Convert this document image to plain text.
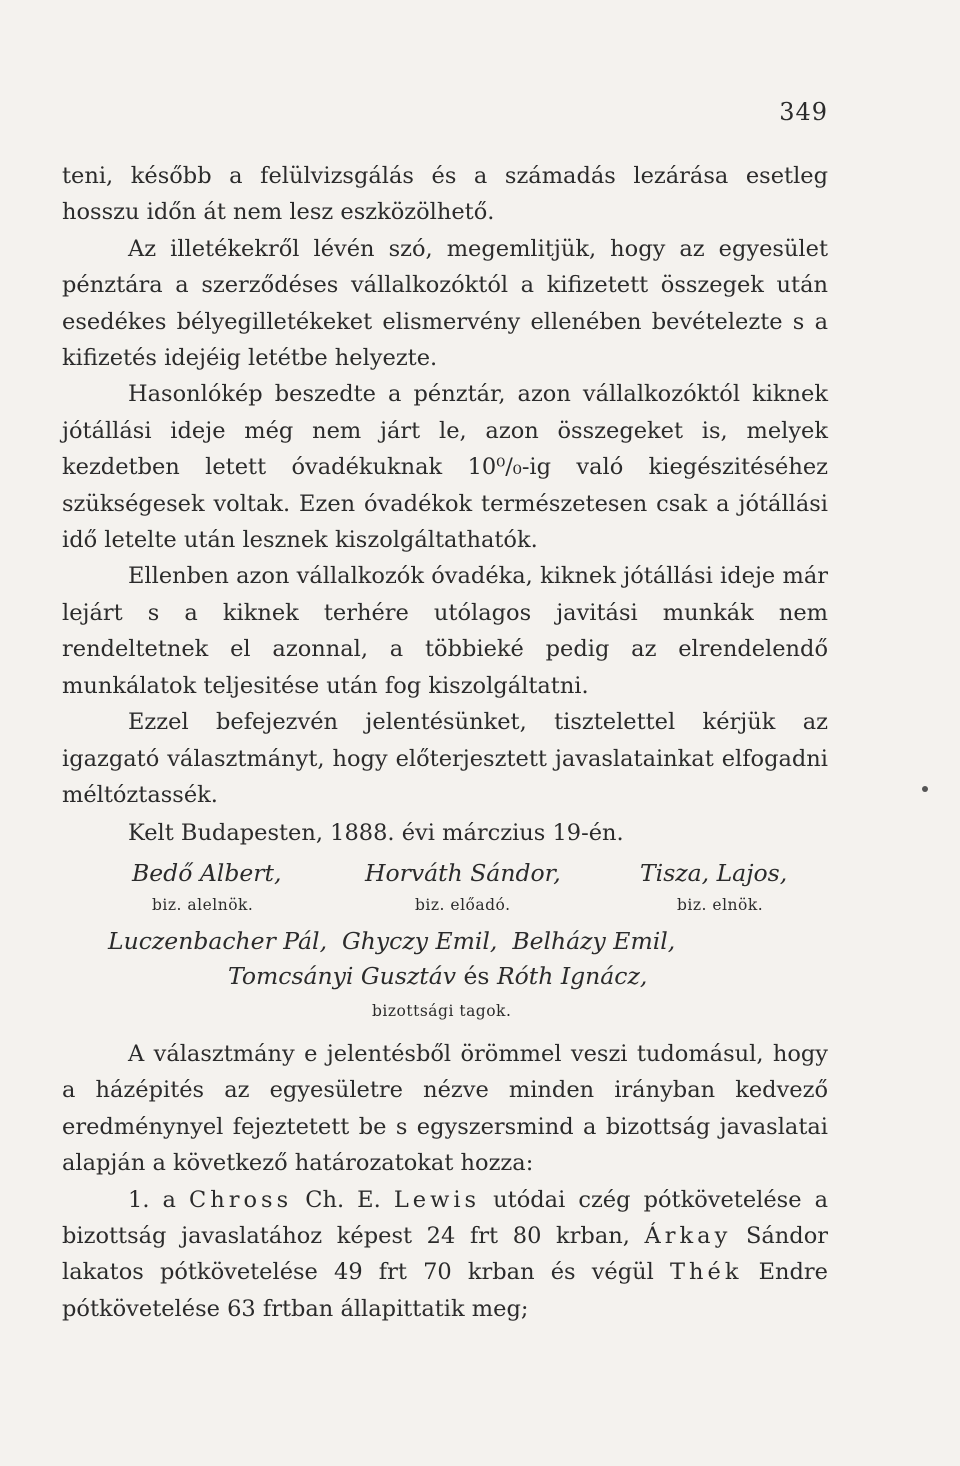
349

teni, később a felülvizsgálás és a számadás lezárása esetleg hosszu időn át nem lesz eszközölhető.

Az illetékekről lévén szó, megemlitjük, hogy az egyesület pénztára a szerződéses vállalkozóktól a kifizetett összegek után esedékes bélyegilletékeket elismervény ellenében bevételezte s a kifizetés idejéig letétbe helyezte.

Hasonlókép beszedte a pénztár, azon vállalkozóktól kiknek jótállási ideje még nem járt le, azon összegeket is, melyek kezdetben letett óvadékuknak 10⁰/₀-ig való kiegészitéséhez szükségesek voltak. Ezen óvadékok természetesen csak a jótállási idő letelte után lesznek kiszolgáltathatók.

Ellenben azon vállalkozók óvadéka, kiknek jótállási ideje már lejárt s a kiknek terhére utólagos javitási munkák nem rendeltetnek el azonnal, a többieké pedig az elrendelendő munkálatok teljesitése után fog kiszolgáltatni.

Ezzel befejezvén jelentésünket, tisztelettel kérjük az igazgató választmányt, hogy előterjesztett javaslatainkat elfogadni méltóztassék.

Kelt Budapesten, 1888. évi márczius 19-én.
Bedő Albert,	Horváth Sándor,	Tisza, Lajos,
biz. alelnök.	biz. előadó.	biz. elnök.
Luczenbacher Pál,  Ghyczy Emil,  Belházy Emil,
Tomcsányi Gusztáv és Róth Ignácz,
bizottsági tagok.

A választmány e jelentésből örömmel veszi tudomásul, hogy a házépités az egyesületre nézve minden irányban kedvező eredménynyel fejeztetett be s egyszersmind a bizottság javaslatai alapján a következő határozatokat hozza:

1. a Chross Ch. E. Lewis utódai czég pótkövetelése a bizottság javaslatához képest 24 frt 80 krban, Árkay Sándor lakatos pótkövetelése 49 frt 70 krban és végül Thék Endre pótkövetelése 63 frtban állapittatik meg;
